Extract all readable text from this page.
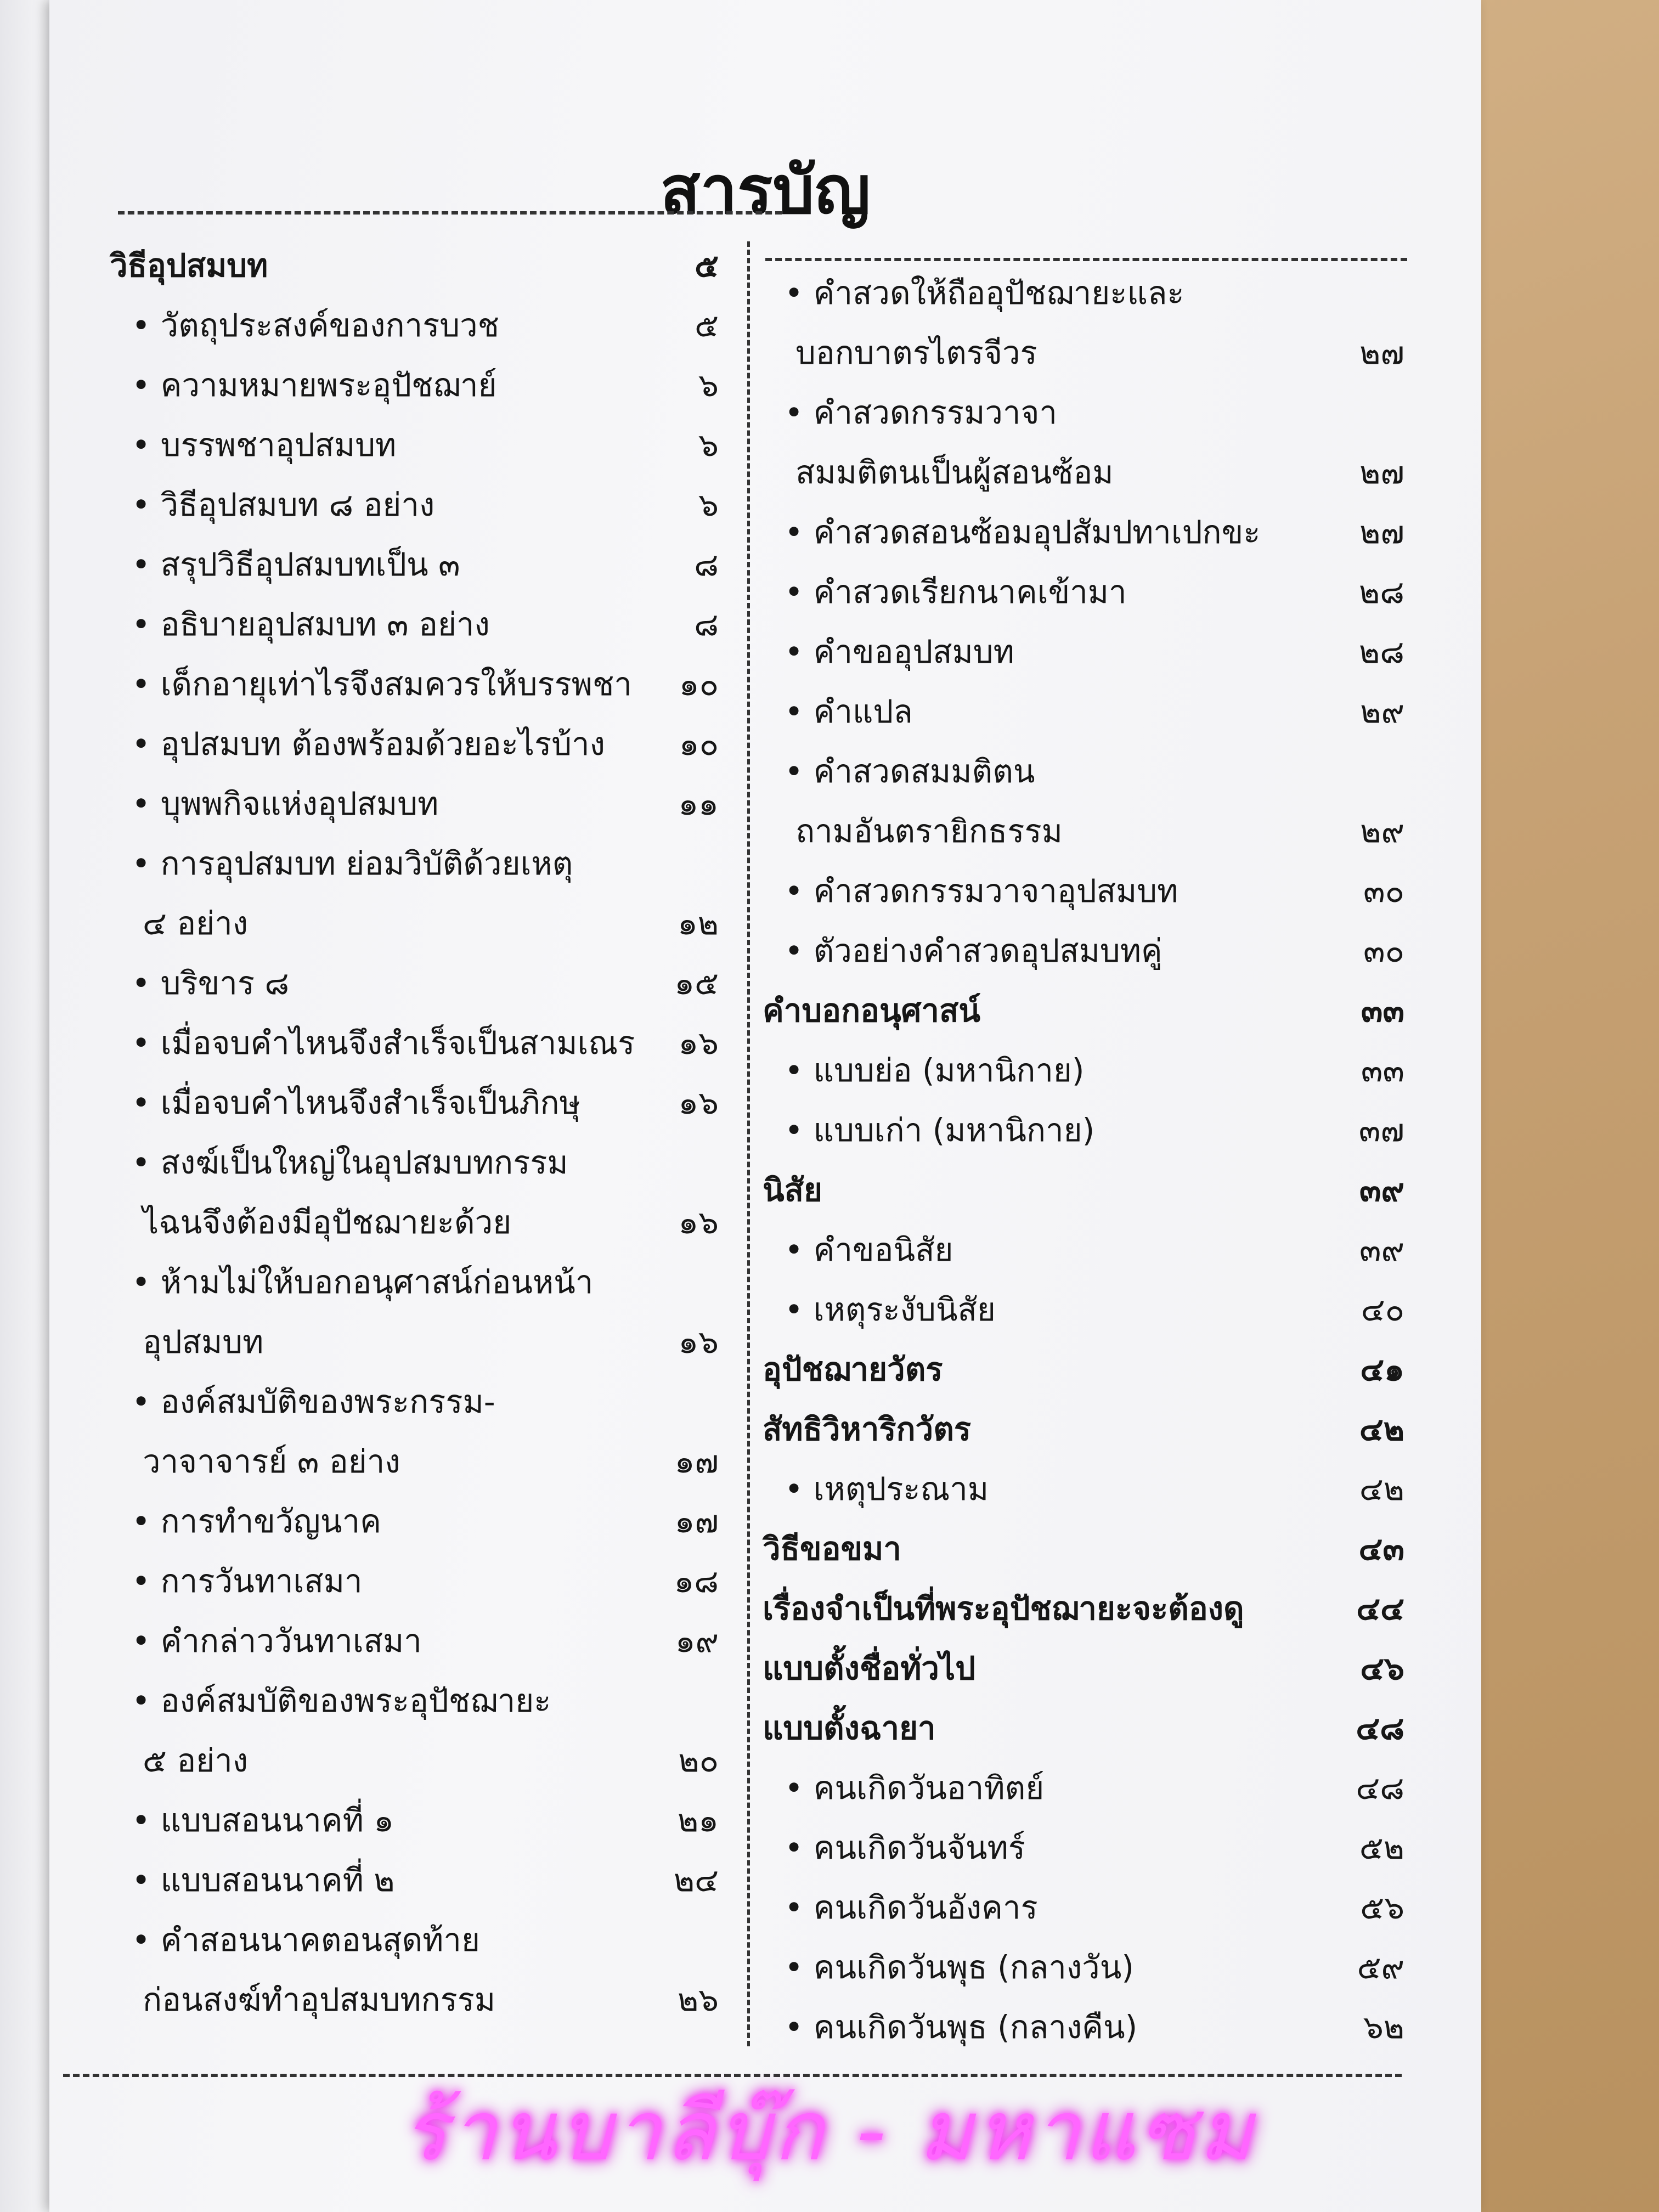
สารบัญ
วิธีอุปสมบท	๕
• วัตถุประสงค์ของการบวช	๕
• ความหมายพระอุปัชฌาย์	๖
• บรรพชาอุปสมบท	๖
• วิธีอุปสมบท ๘ อย่าง	๖
• สรุปวิธีอุปสมบทเป็น ๓	๘
• อธิบายอุปสมบท ๓ อย่าง	๘
• เด็กอายุเท่าไรจึงสมควรให้บรรพชา	๑๐
• อุปสมบท ต้องพร้อมด้วยอะไรบ้าง	๑๐
• บุพพกิจแห่งอุปสมบท	๑๑
• การอุปสมบท ย่อมวิบัติด้วยเหตุ
๔ อย่าง	๑๒
• บริขาร ๘	๑๕
• เมื่อจบคำไหนจึงสำเร็จเป็นสามเณร	๑๖
• เมื่อจบคำไหนจึงสำเร็จเป็นภิกษุ	๑๖
• สงฆ์เป็นใหญ่ในอุปสมบทกรรม
ไฉนจึงต้องมีอุปัชฌายะด้วย	๑๖
• ห้ามไม่ให้บอกอนุศาสน์ก่อนหน้า
อุปสมบท	๑๖
• องค์สมบัติของพระกรรม-
วาจาจารย์ ๓ อย่าง	๑๗
• การทำขวัญนาค	๑๗
• การวันทาเสมา	๑๘
• คำกล่าววันทาเสมา	๑๙
• องค์สมบัติของพระอุปัชฌายะ
๕ อย่าง	๒๐
• แบบสอนนาคที่ ๑	๒๑
• แบบสอนนาคที่ ๒	๒๔
• คำสอนนาคตอนสุดท้าย
ก่อนสงฆ์ทำอุปสมบทกรรม	๒๖
• คำสวดให้ถืออุปัชฌายะและ
บอกบาตรไตรจีวร	๒๗
• คำสวดกรรมวาจา
สมมติตนเป็นผู้สอนซ้อม	๒๗
• คำสวดสอนซ้อมอุปสัมปทาเปกขะ	๒๗
• คำสวดเรียกนาคเข้ามา	๒๘
• คำขออุปสมบท	๒๘
• คำแปล	๒๙
• คำสวดสมมติตน
ถามอันตรายิกธรรม	๒๙
• คำสวดกรรมวาจาอุปสมบท	๓๐
• ตัวอย่างคำสวดอุปสมบทคู่	๓๐
คำบอกอนุศาสน์	๓๓
• แบบย่อ (มหานิกาย)	๓๓
• แบบเก่า (มหานิกาย)	๓๗
นิสัย	๓๙
• คำขอนิสัย	๓๙
• เหตุระงับนิสัย	๔๐
อุปัชฌายวัตร	๔๑
สัทธิวิหาริกวัตร	๔๒
• เหตุประณาม	๔๒
วิธีขอขมา	๔๓
เรื่องจำเป็นที่พระอุปัชฌายะจะต้องดู	๔๔
แบบตั้งชื่อทั่วไป	๔๖
แบบตั้งฉายา	๔๘
• คนเกิดวันอาทิตย์	๔๘
• คนเกิดวันจันทร์	๕๒
• คนเกิดวันอังคาร	๕๖
• คนเกิดวันพุธ (กลางวัน)	๕๙
• คนเกิดวันพุธ (กลางคืน)	๖๒
ร้านบาลีบุ๊ก - มหาแซม
